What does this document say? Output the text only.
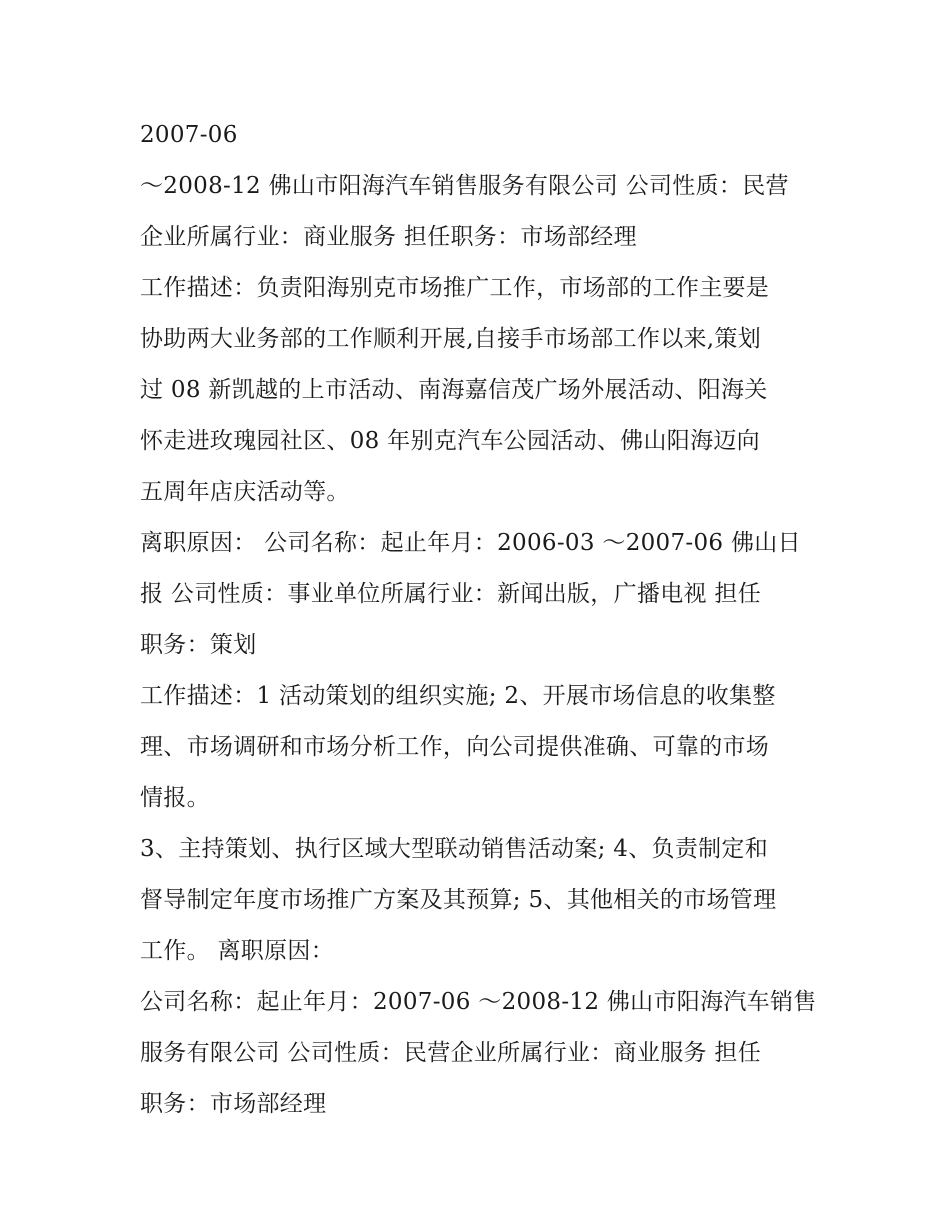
2007-06
～2008-12 佛山市阳海汽车销售服务有限公司 公司性质：民营
企业所属行业：商业服务 担任职务：市场部经理
工作描述：负责阳海别克市场推广工作，市场部的工作主要是
协助两大业务部的工作顺利开展,自接手市场部工作以来,策划
过 08 新凯越的上市活动、南海嘉信茂广场外展活动、阳海关
怀走进玫瑰园社区、08 年别克汽车公园活动、佛山阳海迈向
五周年店庆活动等。
离职原因： 公司名称：起止年月：2006-03 ～2007-06 佛山日
报 公司性质：事业单位所属行业：新闻出版，广播电视 担任
职务：策划
工作描述：1 活动策划的组织实施; 2、开展市场信息的收集整
理、市场调研和市场分析工作，向公司提供准确、可靠的市场
情报。
3、主持策划、执行区域大型联动销售活动案; 4、负责制定和
督导制定年度市场推广方案及其预算; 5、其他相关的市场管理
工作。 离职原因：
公司名称：起止年月：2007-06 ～2008-12 佛山市阳海汽车销售
服务有限公司 公司性质：民营企业所属行业：商业服务 担任
职务：市场部经理
